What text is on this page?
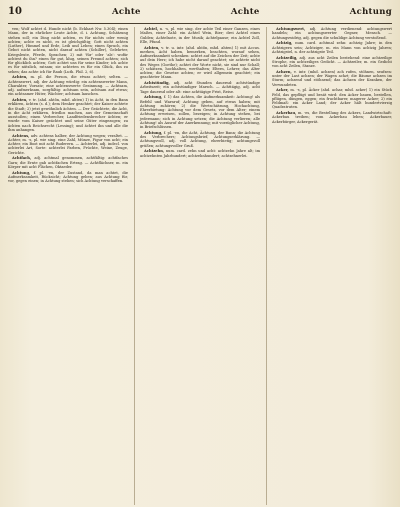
10	Achte	Achte	Achtung

ven; Wolf achtet d. Hunde nicht (b. Eckhart Nw. 5.304); einen Mann, der in ehrlicher Leute Achte, d. i. Achtung, Schätzung stehen soll; ein Ding nicht achten, es für nichts oder wenig achten; achte es nicht, es ist gleichgültig; Gott nicht achten (Luther), Himmel und Erde, Leib und Leben; einen Spruch, ein Gebot nicht achten, nicht darauf achten (Schiller), Gelehrter, Kriegsleute, Pferde, Sprachen; 2) mit 'für' oder 'als': wofür achtest du ihn? einen für gut, klug, seinen Freund achten; sich für glücklich achten; Gott achtet uns für seine Kinder; ich achte es für nützlich, ratsam; sie achteten es für ein Glück, ihn zu sehen; das achte ich für Raub (Luth. Phil. 2, 6).

Achten, m. pl. die Person, die etwas achtet; selten. — Achtenswert, adj. der Achtung würdig: ein achtenswerter Mann, Charakter, Vorsatz; eine achtenswerte Gesinnung. — Achtsam, adj. aufmerksam, sorgfältig: achtsam sein, achtsam auf etwas; ein achtsamer Hüter, Wächter; achtsam lauschen.

Achten, v. tr. (ahd. ahtôn, mhd. ahten) 1) in Acht, in den Bann erklären, ächten (s. d.); dem Henker geachtet; der Kaiser achtete die Stadt; 2) jetzt gewöhnlich ächten. — Der Geächtete, die Acht, in die Acht erklären, friedlos machen, aus der Gemeinschaft ausstoßen; einen Verbrecher, Landfriedensbrecher ächten; er wurde vom Kaiser geächtet und seine Güter eingezogen; zu ächten nach Reichsrecht (Lessing); und ächtet ihn und alle die ihm anhangen.

Achtens, adv. achtens halber, der Achtung wegen; veraltet. — Achter, m. -s, pl. wie sing. eine Zahl, Münze, Figur von acht; ein Achter, ein Boot mit acht Ruderern. — Achterlei, adj. indecl. von achterlei Art, Sorte: achterlei Farben, Früchte, Weine, Zeuge, Gerichte.

Achtfach, adj. achtmal genommen, achtfältig: achtfaches Garn; die Ernte gab achtfachen Ertrag. — Achtflächner, m. ein Körper mit acht Flächen, Oktaeder.

Achtung, f. pl. -en, der Zustand, da man achtet, die Aufmerksamkeit, Rücksicht; Achtung geben; aus Achtung für, vor, gegen einen; in Achtung stehen; sich Achtung verschaffen.

Achtel, n. -s, pl. wie sing. der achte Teil einer Ganzen, eines Maßes, einer Zahl: ein Achtel Wein, Bier; drei Achtel eines Gulden; Achtelnote, in der Musik; Achtelpause; ein Achtel Zoll, Elle, Pfund.

Achten, v. tr. u. intr. (ahd. ahtôn, mhd. ahten) 1) mit Accus. merken, Acht haben, bemerken, beachten, worauf sehen, Aufmerksamkeit schenken: achtet auf die Zeichen der Zeit; achte auf dein Herz; ich habe nicht darauf geachtet; sie achtete nicht des Weges (Goethe); achtet der Worte nicht, sie sind nur Schall; 2) schätzen, hochhalten, werthalten; Eltern, Lehrer, das Alter achten; die Gesetze achten; er wird allgemein geachtet; ein geachteter Mann.

Achtstündig, adj. acht Stunden dauernd: achtstündige Arbeitszeit; ein achtstündiger Marsch. — Achttägig, adj. acht Tage dauernd oder alt: eine achttägige Frist, Reise.

Achtung, f. 1) das Achten, die Aufmerksamkeit: Achtung! als Befehl und Warnruf; Achtung geben, auf etwas haben; mit Achtung zuhören; 2) die Wertschätzung, Hochachtung, Ehrerbietung: Achtung vor dem Gesetz, vor dem Alter; einem Achtung erweisen, zollen, bezeigen; in Achtung stehen, bei jedermann; sich in Achtung setzen; die Achtung verlieren; alle Achtung! als Ausruf der Anerkennung; mit vorzüglicher Achtung, in Briefschlüssen.

Achtung, f. pl. -en, die Acht, Ächtung, der Bann; die Achtung des Verbrechers; Achtungsbrief, Achtungserklärung. — Achtungsvoll, adj. voll Achtung, ehrerbietig; achtungsvoll grüßen; achtungsvoller Gruß.

Achtzehn, num. card. zehn und acht: achtzehn Jahre alt; im achtzehnten Jahrhundert; achtzehnhundert; achtzehnerlei.

Achtungswert, adj. Achtung verdienend: achtungswert handeln; ein achtungswerter Gegner, Mensch. — Achtungswidrig, adj. gegen die schuldige Achtung verstoßend.

Achtzig, num. card. achtmal zehn: achtzig Jahre; in den Achtzigern sein; Achtziger, m. ein Mann von achtzig Jahren; Achtzigstel, n. der achtzigste Teil.

Achtzeilig, adj. aus acht Zeilen bestehend: eine achtzeilige Strophe, ein achtzeiliges Gedicht. — Achtzeiler, m. ein Gedicht von acht Zeilen, Stanze.

Achzen, v. intr. (mhd. achzen) ach rufen, stöhnen, seufzen: unter der Last achzen; der Wagen achzt; die Bäume achzen im Sturm; achzend und stöhnend; das Achzen der Kranken, der Verwundeten.

Acker, m. -s, pl. Äcker (ahd. achar, mhd. acker) 1) ein Stück Feld, das gepflügt und besät wird: den Acker bauen, bestellen, pflügen, düngen, eggen; ein fruchtbarer, magerer Acker; 2) ein Feldmaß: ein Acker Land; der Acker hält hundertvierzig Quadratruten.

Ackerbau, m. -es, die Bestellung des Ackers, Landwirtschaft: Ackerbau treiben; vom Ackerbau leben; Ackerbauer, Ackerbürger, Ackergerät.
